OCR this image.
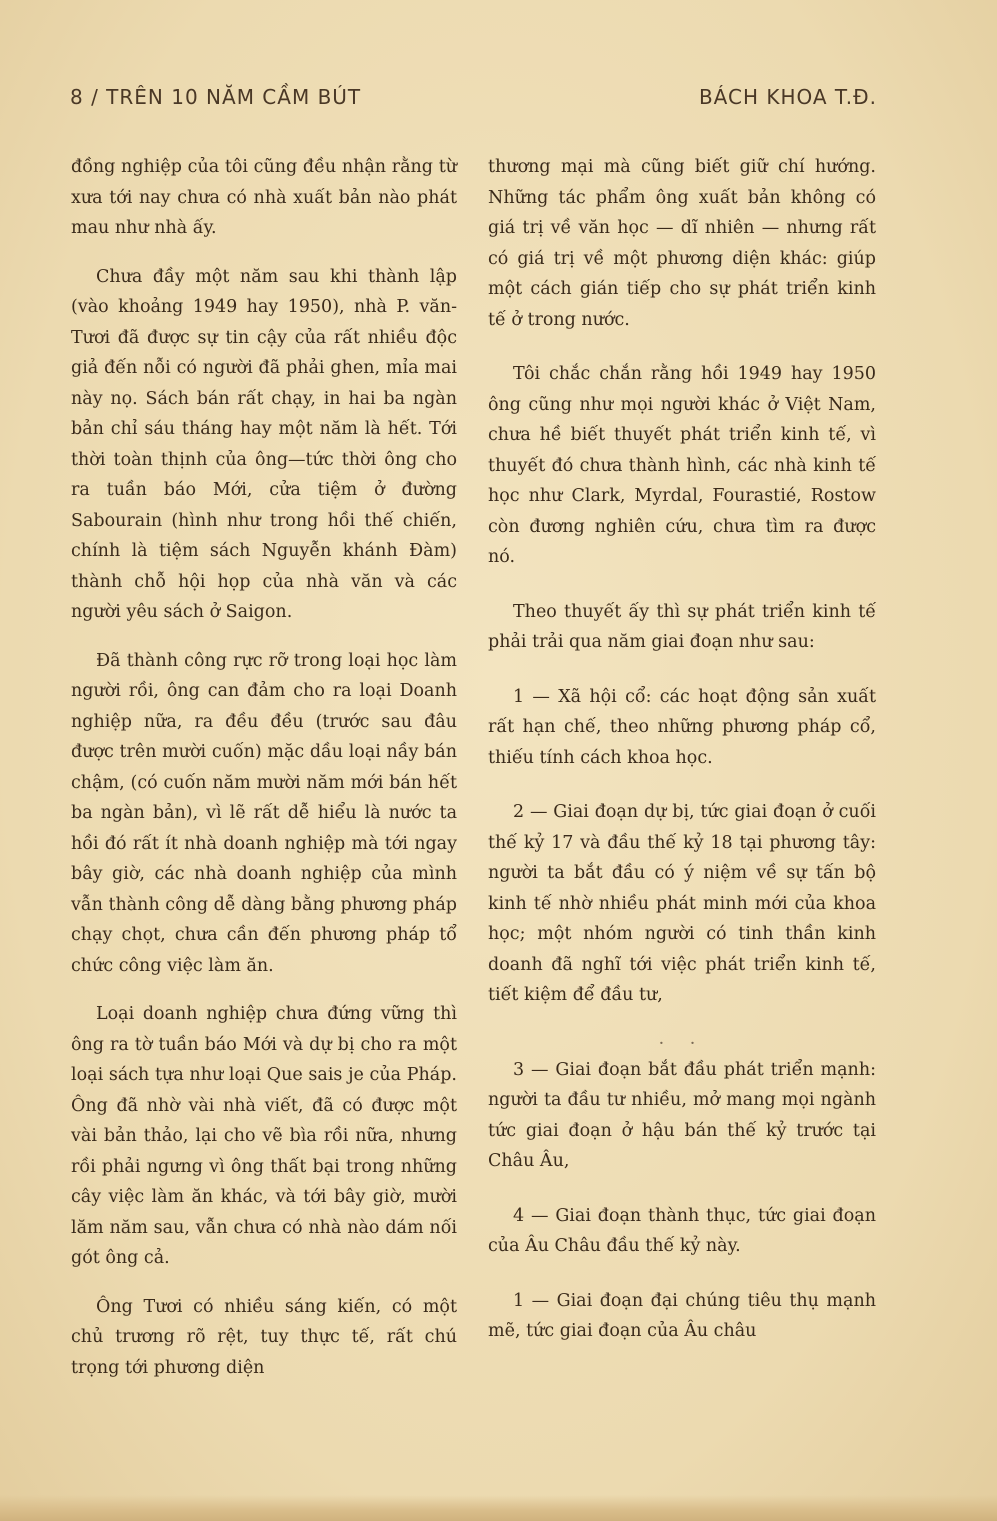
8 / TRÊN 10 NĂM CẦM BÚT	BÁCH KHOA T.Đ.

đồng nghiệp của tôi cũng đều nhận rằng từ xưa tới nay chưa có nhà xuất bản nào phát mau như nhà ấy.

Chưa đầy một năm sau khi thành lập (vào khoảng 1949 hay 1950), nhà P. văn-Tươi đã được sự tin cậy của rất nhiều độc giả đến nỗi có người đã phải ghen, mỉa mai này nọ. Sách bán rất chạy, in hai ba ngàn bản chỉ sáu tháng hay một năm là hết. Tới thời toàn thịnh của ông—tức thời ông cho ra tuần báo Mới, cửa tiệm ở đường Sabourain (hình như trong hồi thế chiến, chính là tiệm sách Nguyễn khánh Đàm) thành chỗ hội họp của nhà văn và các người yêu sách ở Saigon.

Đã thành công rực rỡ trong loại học làm người rồi, ông can đảm cho ra loại Doanh nghiệp nữa, ra đều đều (trước sau đâu được trên mười cuốn) mặc dầu loại nầy bán chậm, (có cuốn năm mười năm mới bán hết ba ngàn bản), vì lẽ rất dễ hiểu là nước ta hồi đó rất ít nhà doanh nghiệp mà tới ngay bây giờ, các nhà doanh nghiệp của mình vẫn thành công dễ dàng bằng phương pháp chạy chọt, chưa cần đến phương pháp tổ chức công việc làm ăn.

Loại doanh nghiệp chưa đứng vững thì ông ra tờ tuần báo Mới và dự bị cho ra một loại sách tựa như loại Que sais je của Pháp. Ông đã nhờ vài nhà viết, đã có được một vài bản thảo, lại cho vẽ bìa rồi nữa, nhưng rồi phải ngưng vì ông thất bại trong những cây việc làm ăn khác, và tới bây giờ, mười lăm năm sau, vẫn chưa có nhà nào dám nối gót ông cả.

Ông Tươi có nhiều sáng kiến, có một chủ trương rõ rệt, tuy thực tế, rất chú trọng tới phương diện

thương mại mà cũng biết giữ chí hướng. Những tác phẩm ông xuất bản không có giá trị về văn học — dĩ nhiên — nhưng rất có giá trị về một phương diện khác: giúp một cách gián tiếp cho sự phát triển kinh tế ở trong nước.

Tôi chắc chắn rằng hồi 1949 hay 1950 ông cũng như mọi người khác ở Việt Nam, chưa hề biết thuyết phát triển kinh tế, vì thuyết đó chưa thành hình, các nhà kinh tế học như Clark, Myrdal, Fourastié, Rostow còn đương nghiên cứu, chưa tìm ra được nó.

Theo thuyết ấy thì sự phát triển kinh tế phải trải qua năm giai đoạn như sau:

1 — Xã hội cổ: các hoạt động sản xuất rất hạn chế, theo những phương pháp cổ, thiếu tính cách khoa học.

2 — Giai đoạn dự bị, tức giai đoạn ở cuối thế kỷ 17 và đầu thế kỷ 18 tại phương tây: người ta bắt đầu có ý niệm về sự tấn bộ kinh tế nhờ nhiều phát minh mới của khoa học; một nhóm người có tinh thần kinh doanh đã nghĩ tới việc phát triển kinh tế, tiết kiệm để đầu tư,

· ·

3 — Giai đoạn bắt đầu phát triển mạnh: người ta đầu tư nhiều, mở mang mọi ngành tức giai đoạn ở hậu bán thế kỷ trước tại Châu Âu,

4 — Giai đoạn thành thục, tức giai đoạn của Âu Châu đầu thế kỷ này.

1 — Giai đoạn đại chúng tiêu thụ mạnh mẽ, tức giai đoạn của Âu châu
